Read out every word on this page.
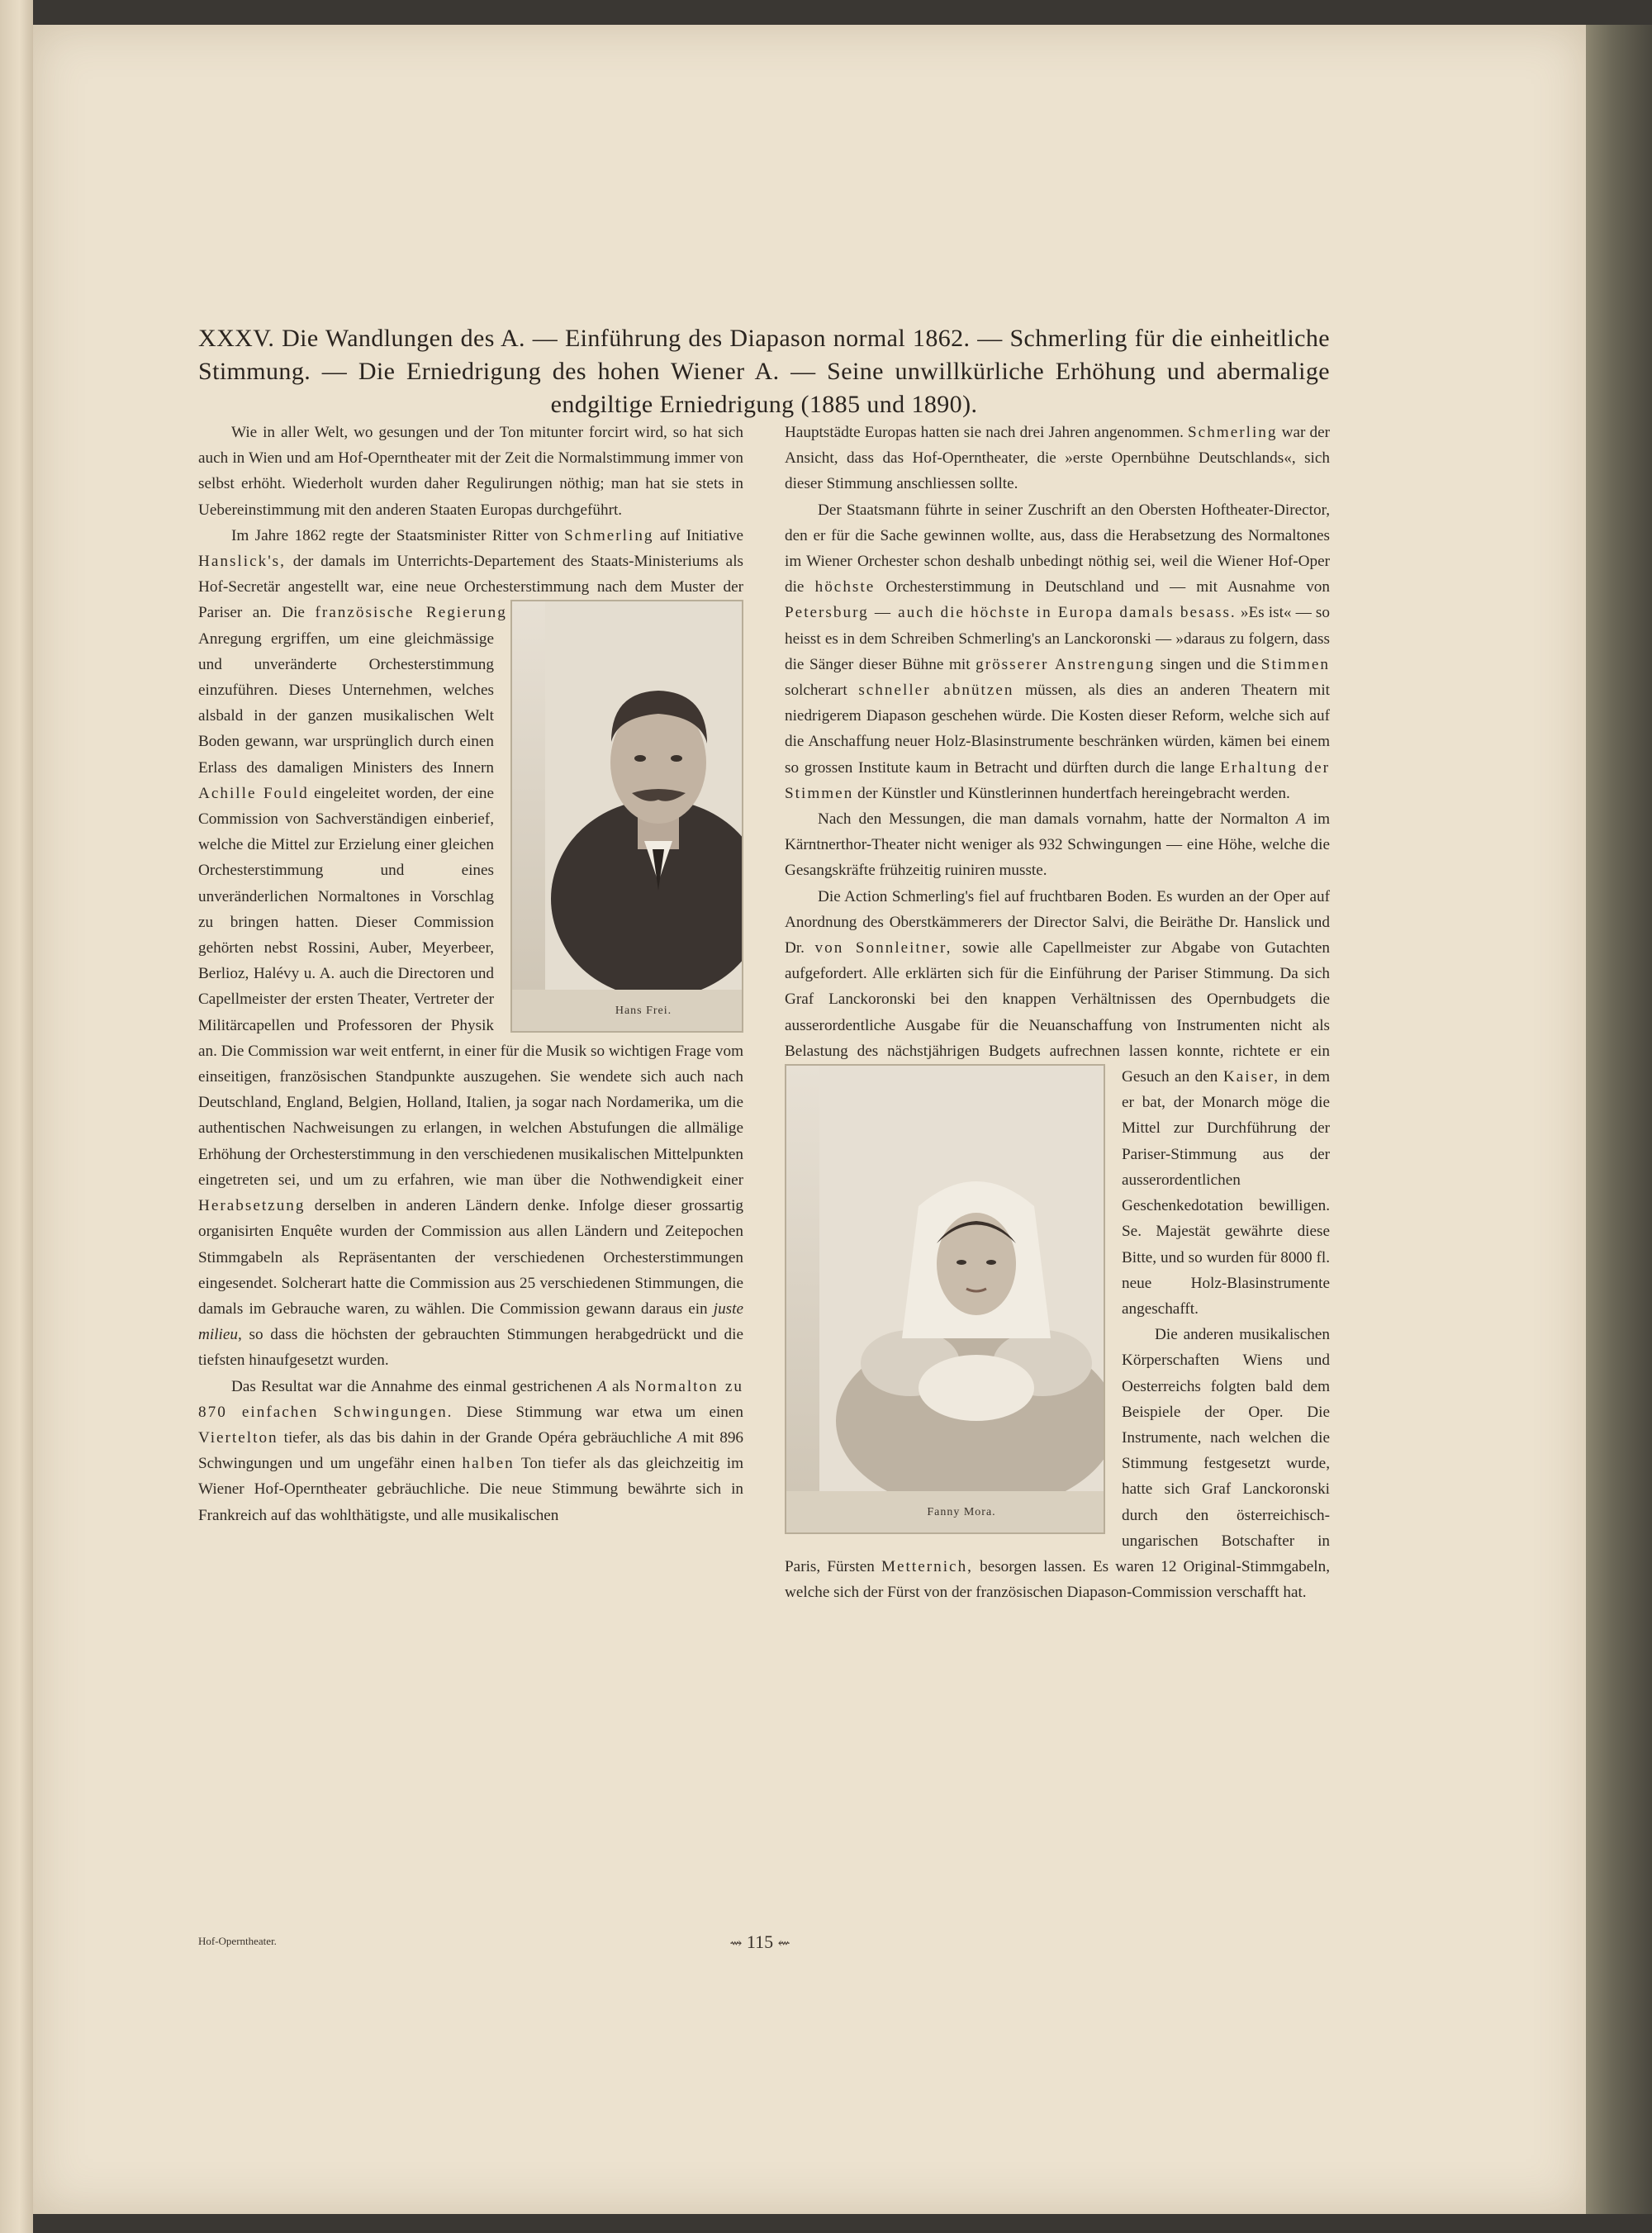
XXXV. Die Wandlungen des A. — Einführung des Diapason normal 1862. — Schmerling für die einheitliche
Stimmung. — Die Erniedrigung des hohen Wiener A. — Seine unwillkürliche Erhöhung und abermalige
endgiltige Erniedrigung (1885 und 1890).

Wie in aller Welt, wo gesungen und der Ton mitunter forcirt wird, so hat sich auch in Wien und am Hof-Operntheater mit der Zeit die Normalstimmung immer von selbst erhöht. Wiederholt wurden daher Regulirungen nöthig; man hat sie stets in Uebereinstimmung mit den anderen Staaten Europas durchgeführt.

Im Jahre 1862 regte der Staatsminister Ritter von Schmerling auf Initiative Hanslick's, der damals im Unterrichts-Departement des Staats-Ministeriums als Hof-Secretär angestellt war, eine neue Orchesterstimmung nach dem Muster der Pariser an. Die
Hans Frei.
französische Regierung Anregung ergriffen, um eine gleichmässige und unveränderte Orchesterstimmung einzuführen. Dieses Unternehmen, welches alsbald in der ganzen musikalischen Welt Boden gewann, war ursprünglich durch einen Erlass des damaligen Ministers des Innern Achille Fould eingeleitet worden, der eine Commission von Sachverständigen einberief, welche die Mittel zur Erzielung einer gleichen Orchesterstimmung und eines unveränderlichen Normaltones in Vorschlag zu bringen hatten. Dieser Commission gehörten nebst Rossini, Auber, Meyerbeer, Berlioz, Halévy u. A. auch die Directoren und Capellmeister der ersten Theater, Vertreter der Militärcapellen und Professoren der Physik an. Die Commission war weit entfernt, in einer für die Musik so wichtigen Frage vom einseitigen, französischen Standpunkte auszugehen. Sie wendete sich auch nach Deutschland, England, Belgien, Holland, Italien, ja sogar nach Nordamerika, um die authentischen Nachweisungen zu erlangen, in welchen Abstufungen die allmälige Erhöhung der Orchesterstimmung in den verschiedenen musikalischen Mittelpunkten eingetreten sei, und um zu erfahren, wie man über die Nothwendigkeit einer Herabsetzung derselben in anderen Ländern denke. Infolge dieser grossartig organisirten Enquête wurden der Commission aus allen Ländern und Zeitepochen Stimmgabeln als Repräsentanten der verschiedenen Orchesterstimmungen eingesendet. Solcherart hatte die Commission aus 25 verschiedenen Stimmungen, die damals im Gebrauche waren, zu wählen. Die Commission gewann daraus ein juste milieu, so dass die höchsten der gebrauchten Stimmungen herabgedrückt und die tiefsten hinaufgesetzt wurden.

Das Resultat war die Annahme des einmal gestrichenen A als Normalton zu 870 einfachen Schwingungen. Diese Stimmung war etwa um einen Viertelton tiefer, als das bis dahin in der Grande Opéra gebräuchliche A mit 896 Schwingungen und um ungefähr einen halben Ton tiefer als das gleichzeitig im Wiener Hof-Operntheater gebräuchliche. Die neue Stimmung bewährte sich in Frankreich auf das wohlthätigste, und alle musikalischen

Hauptstädte Europas hatten sie nach drei Jahren angenommen. Schmerling war der Ansicht, dass das Hof-Operntheater, die »erste Opernbühne Deutschlands«, sich dieser Stimmung anschliessen sollte.

Der Staatsmann führte in seiner Zuschrift an den Obersten Hoftheater-Director, den er für die Sache gewinnen wollte, aus, dass die Herabsetzung des Normaltones im Wiener Orchester schon deshalb unbedingt nöthig sei, weil die Wiener Hof-Oper die höchste Orchesterstimmung in Deutschland und — mit Ausnahme von Petersburg — auch die höchste in Europa damals besass. »Es ist« — so heisst es in dem Schreiben Schmerling's an Lanckoronski — »daraus zu folgern, dass die Sänger dieser Bühne mit grösserer Anstrengung singen und die Stimmen solcherart schneller abnützen müssen, als dies an anderen Theatern mit niedrigerem Diapason geschehen würde. Die Kosten dieser Reform, welche sich auf die Anschaffung neuer Holz-Blasinstrumente beschränken würden, kämen bei einem so grossen Institute kaum in Betracht und dürften durch die lange Erhaltung der Stimmen der Künstler und Künstlerinnen hundertfach hereingebracht werden.

Nach den Messungen, die man damals vornahm, hatte der Normalton A im Kärntnerthor-Theater nicht weniger als 932 Schwingungen — eine Höhe, welche die Gesangskräfte frühzeitig ruiniren musste.

Die Action Schmerling's fiel auf fruchtbaren Boden. Es wurden an der Oper auf Anordnung des Oberstkämmerers der Director Salvi, die Beiräthe Dr. Hanslick und Dr. von Sonnleitner, sowie alle Capellmeister zur Abgabe von Gutachten aufgefordert. Alle erklärten sich für die Einführung der Pariser Stimmung. Da sich Graf Lanckoronski bei den knappen Verhältnissen des Opernbudgets die ausserordentliche Ausgabe für die Neuanschaffung von Instrumenten nicht als Belastung des nächstjährigen Budgets aufrechnen lassen konnte, richtete er ein Gesuch an den
Fanny Mora.
Kaiser, in dem er bat, der Monarch möge die Mittel zur Durchführung der Pariser-Stimmung aus der ausserordentlichen Geschenkedotation bewilligen. Se. Majestät gewährte diese Bitte, und so wurden für 8000 fl. neue Holz-Blasinstrumente angeschafft.

Die anderen musikalischen Körperschaften Wiens und Oesterreichs folgten bald dem Beispiele der Oper. Die Instrumente, nach welchen die Stimmung festgesetzt wurde, hatte sich Graf Lanckoronski durch den österreichisch-ungarischen Botschafter in Paris, Fürsten Metternich, besorgen lassen. Es waren 12 Original-Stimmgabeln, welche sich der Fürst von der französischen Diapason-Commission verschafft hat.

Hof-Operntheater.	⇝ 115 ⇜
